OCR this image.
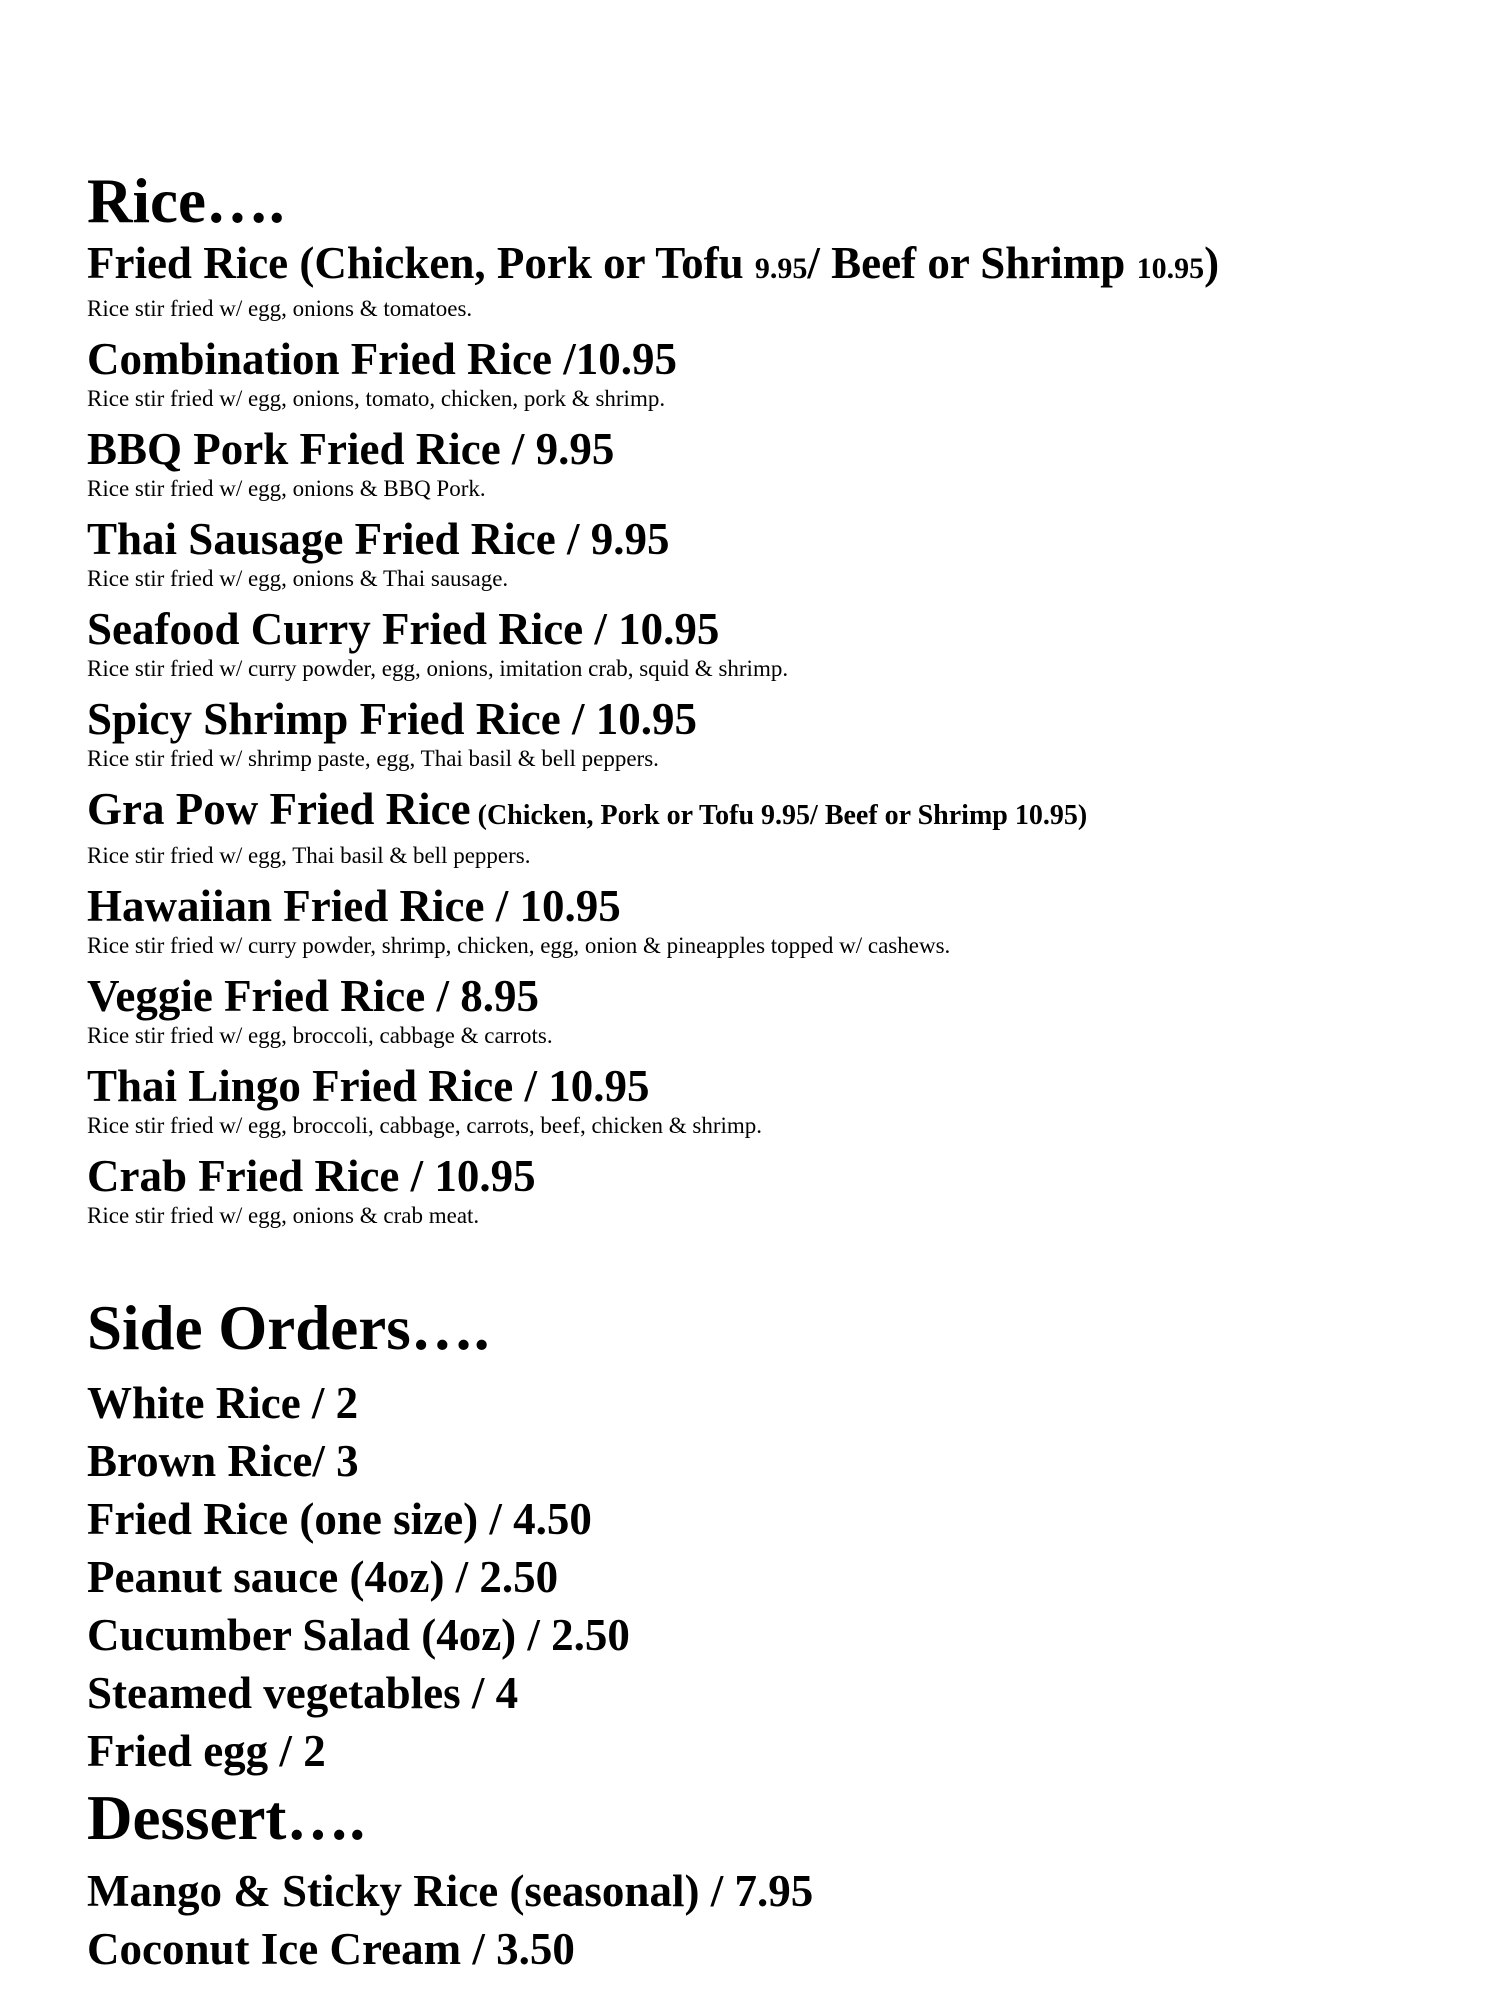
Rice….
Fried Rice (Chicken, Pork or Tofu 9.95/ Beef or Shrimp 10.95)
Rice stir fried w/ egg, onions & tomatoes.
Combination Fried Rice /10.95
Rice stir fried w/ egg, onions, tomato, chicken, pork & shrimp.
BBQ Pork Fried Rice / 9.95
Rice stir fried w/ egg, onions & BBQ Pork.
Thai Sausage Fried Rice / 9.95
Rice stir fried w/ egg, onions & Thai sausage.
Seafood Curry Fried Rice / 10.95
Rice stir fried w/ curry powder, egg, onions, imitation crab, squid & shrimp.
Spicy Shrimp Fried Rice / 10.95
Rice stir fried w/ shrimp paste, egg, Thai basil & bell peppers.
Gra Pow Fried Rice (Chicken, Pork or Tofu 9.95/ Beef or Shrimp 10.95)
Rice stir fried w/ egg, Thai basil & bell peppers.
Hawaiian Fried Rice / 10.95
Rice stir fried w/ curry powder, shrimp, chicken, egg, onion & pineapples topped w/ cashews.
Veggie Fried Rice / 8.95
Rice stir fried w/ egg, broccoli, cabbage & carrots.
Thai Lingo Fried Rice / 10.95
Rice stir fried w/ egg, broccoli, cabbage, carrots, beef, chicken & shrimp.
Crab Fried Rice / 10.95
Rice stir fried w/ egg, onions & crab meat.
Side Orders….
White Rice / 2
Brown Rice/ 3
Fried Rice (one size) / 4.50
Peanut sauce (4oz) / 2.50
Cucumber Salad (4oz) / 2.50
Steamed vegetables / 4
Fried egg / 2
Dessert….
Mango & Sticky Rice (seasonal) / 7.95
Coconut Ice Cream / 3.50
